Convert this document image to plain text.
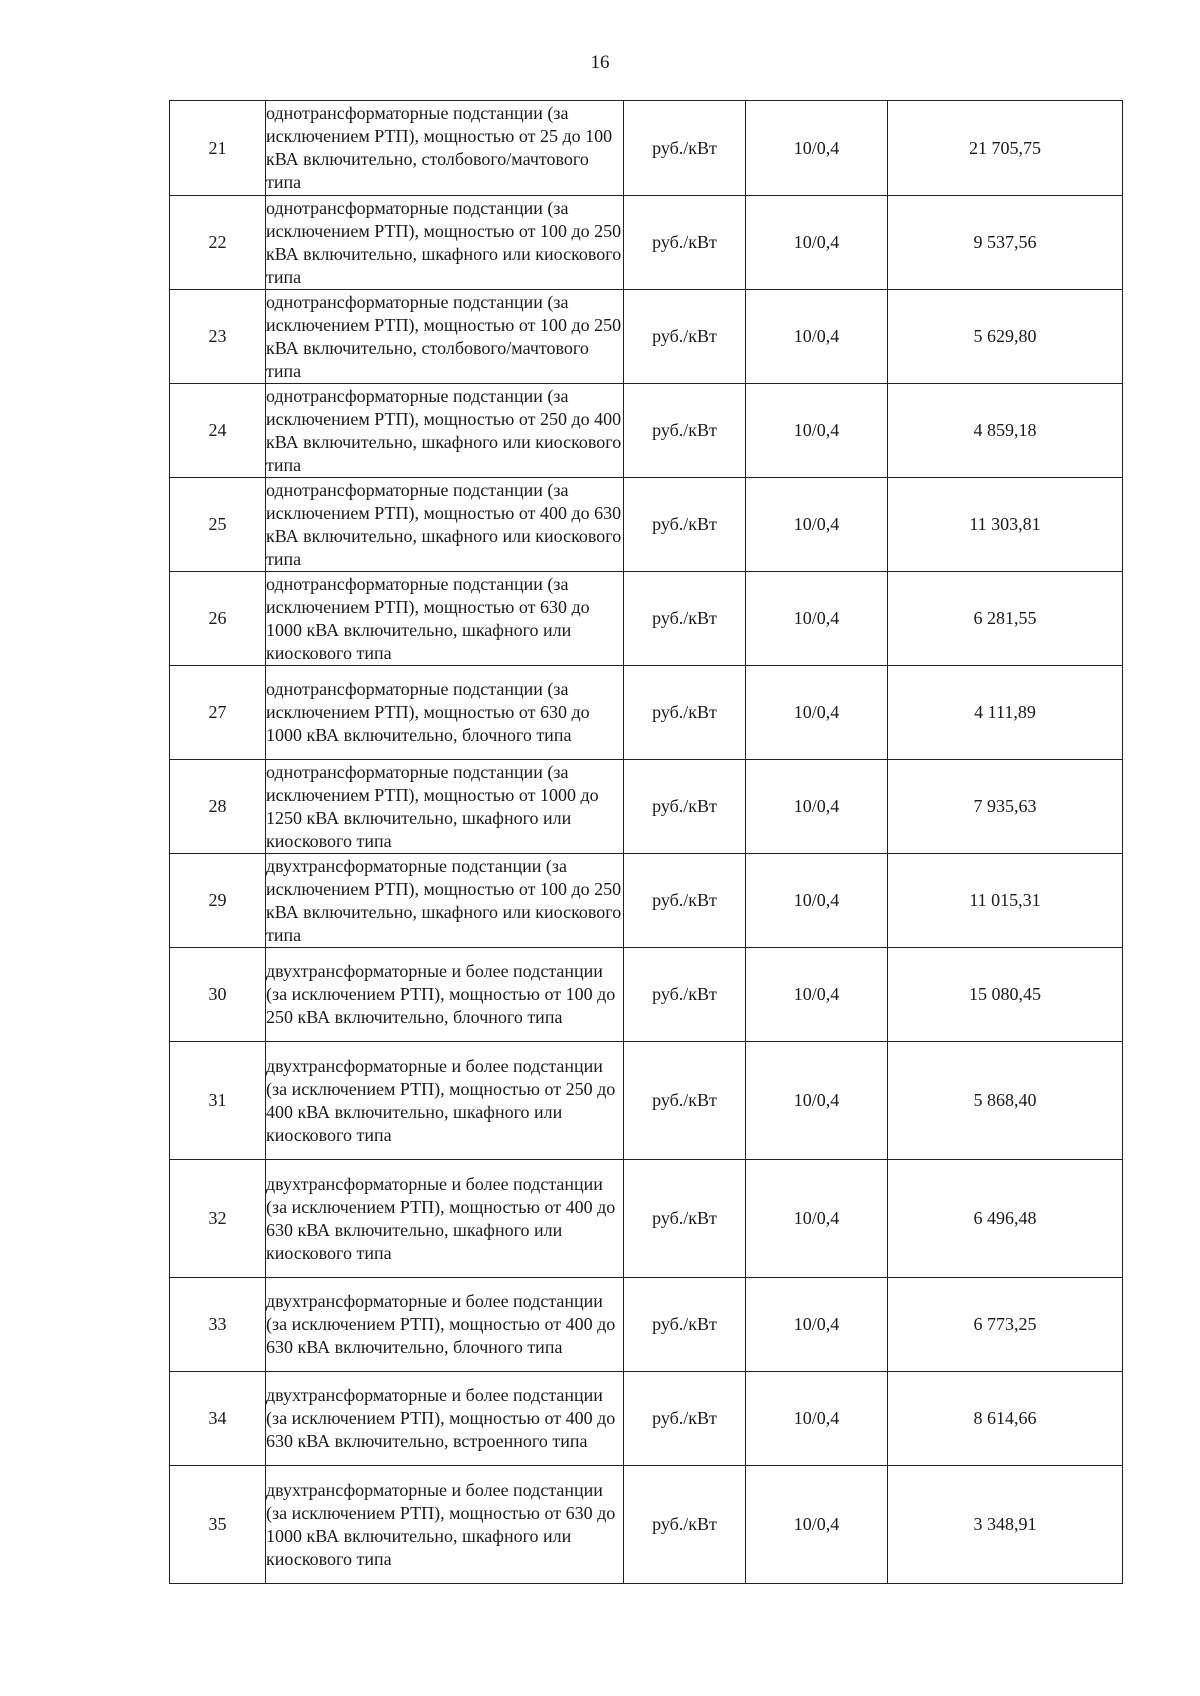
16
21	однотрансформаторные подстанции (за исключением РТП), мощностью от 25 до 100 кВА включительно, столбового/мачтового типа	руб./кВт	10/0,4	21 705,75
22	однотрансформаторные подстанции (за исключением РТП), мощностью от 100 до 250 кВА включительно, шкафного или киоскового типа	руб./кВт	10/0,4	9 537,56
23	однотрансформаторные подстанции (за исключением РТП), мощностью от 100 до 250 кВА включительно, столбового/мачтового типа	руб./кВт	10/0,4	5 629,80
24	однотрансформаторные подстанции (за исключением РТП), мощностью от 250 до 400 кВА включительно, шкафного или киоскового типа	руб./кВт	10/0,4	4 859,18
25	однотрансформаторные подстанции (за исключением РТП), мощностью от 400 до 630 кВА включительно, шкафного или киоскового типа	руб./кВт	10/0,4	11 303,81
26	однотрансформаторные подстанции (за исключением РТП), мощностью от 630 до 1000 кВА включительно, шкафного или киоскового типа	руб./кВт	10/0,4	6 281,55
27	однотрансформаторные подстанции (за исключением РТП), мощностью от 630 до 1000 кВА включительно, блочного типа	руб./кВт	10/0,4	4 111,89
28	однотрансформаторные подстанции (за исключением РТП), мощностью от 1000 до 1250 кВА включительно, шкафного или киоскового типа	руб./кВт	10/0,4	7 935,63
29	двухтрансформаторные подстанции (за исключением РТП), мощностью от 100 до 250 кВА включительно, шкафного или киоскового типа	руб./кВт	10/0,4	11 015,31
30	двухтрансформаторные и более подстанции (за исключением РТП), мощностью от 100 до 250 кВА включительно, блочного типа	руб./кВт	10/0,4	15 080,45
31	двухтрансформаторные и более подстанции (за исключением РТП), мощностью от 250 до 400 кВА включительно, шкафного или киоскового типа	руб./кВт	10/0,4	5 868,40
32	двухтрансформаторные и более подстанции (за исключением РТП), мощностью от 400 до 630 кВА включительно, шкафного или киоскового типа	руб./кВт	10/0,4	6 496,48
33	двухтрансформаторные и более подстанции (за исключением РТП), мощностью от 400 до 630 кВА включительно, блочного типа	руб./кВт	10/0,4	6 773,25
34	двухтрансформаторные и более подстанции (за исключением РТП), мощностью от 400 до 630 кВА включительно, встроенного типа	руб./кВт	10/0,4	8 614,66
35	двухтрансформаторные и более подстанции (за исключением РТП), мощностью от 630 до 1000 кВА включительно, шкафного или киоскового типа	руб./кВт	10/0,4	3 348,91
